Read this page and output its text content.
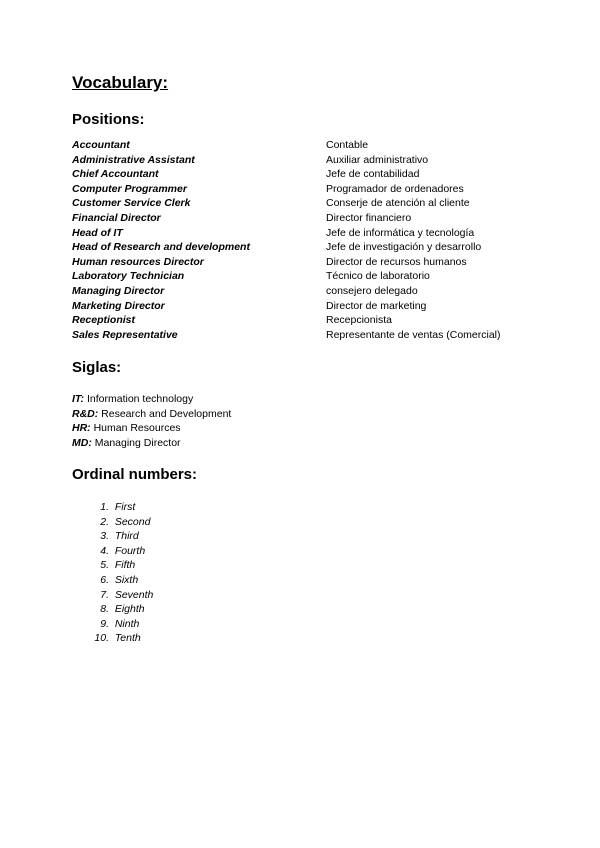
Vocabulary:
Positions:
Accountant	Contable
Administrative Assistant	Auxiliar administrativo
Chief Accountant	Jefe de contabilidad
Computer Programmer	Programador de ordenadores
Customer Service Clerk	Conserje de atención al cliente
Financial Director	Director financiero
Head of IT	Jefe de informática y tecnología
Head of Research and development	Jefe de investigación y desarrollo
Human resources Director	Director de recursos humanos
Laboratory Technician	Técnico de laboratorio
Managing Director	consejero delegado
Marketing Director	Director de marketing
Receptionist	Recepcionista
Sales Representative	Representante de ventas (Comercial)
Siglas:
IT: Information technology
R&D: Research and Development
HR: Human Resources
MD: Managing Director
Ordinal numbers:
1.
First
2.
Second
3.
Third
4.
Fourth
5.
Fifth
6.
Sixth
7.
Seventh
8.
Eighth
9.
Ninth
10.
Tenth
